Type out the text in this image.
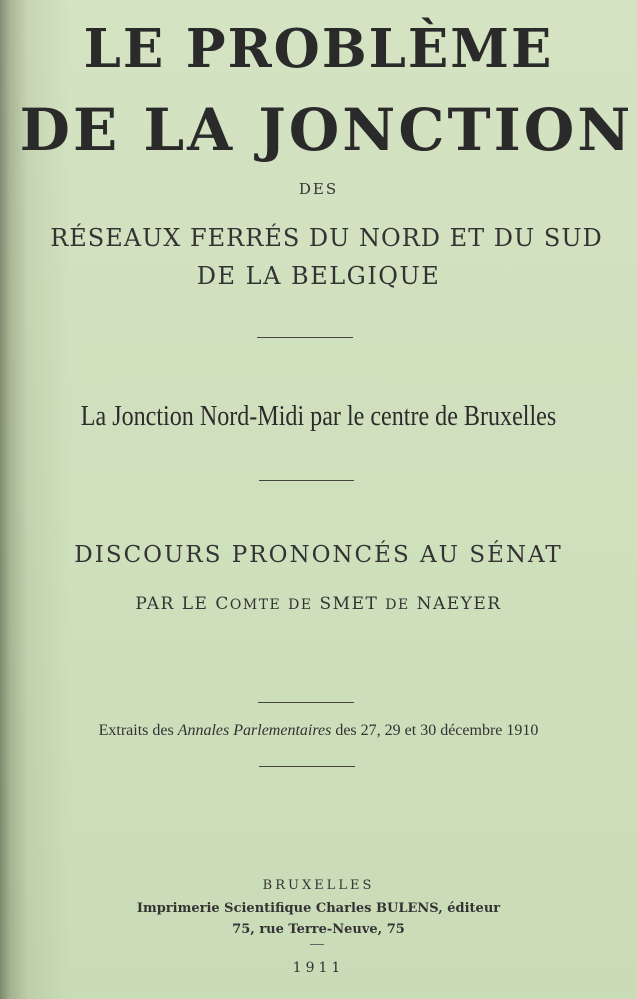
LE PROBLÈME
DE LA JONCTION
DES
RÉSEAUX FERRÉS DU NORD ET DU SUD
DE LA BELGIQUE
La Jonction Nord-Midi par le centre de Bruxelles
DISCOURS PRONONCÉS AU SÉNAT
PAR LE COMTE DE SMET DE NAEYER
Extraits des Annales Parlementaires des 27, 29 et 30 décembre 1910
BRUXELLES
Imprimerie Scientifique Charles BULENS, éditeur
75, rue Terre-Neuve, 75
1911
